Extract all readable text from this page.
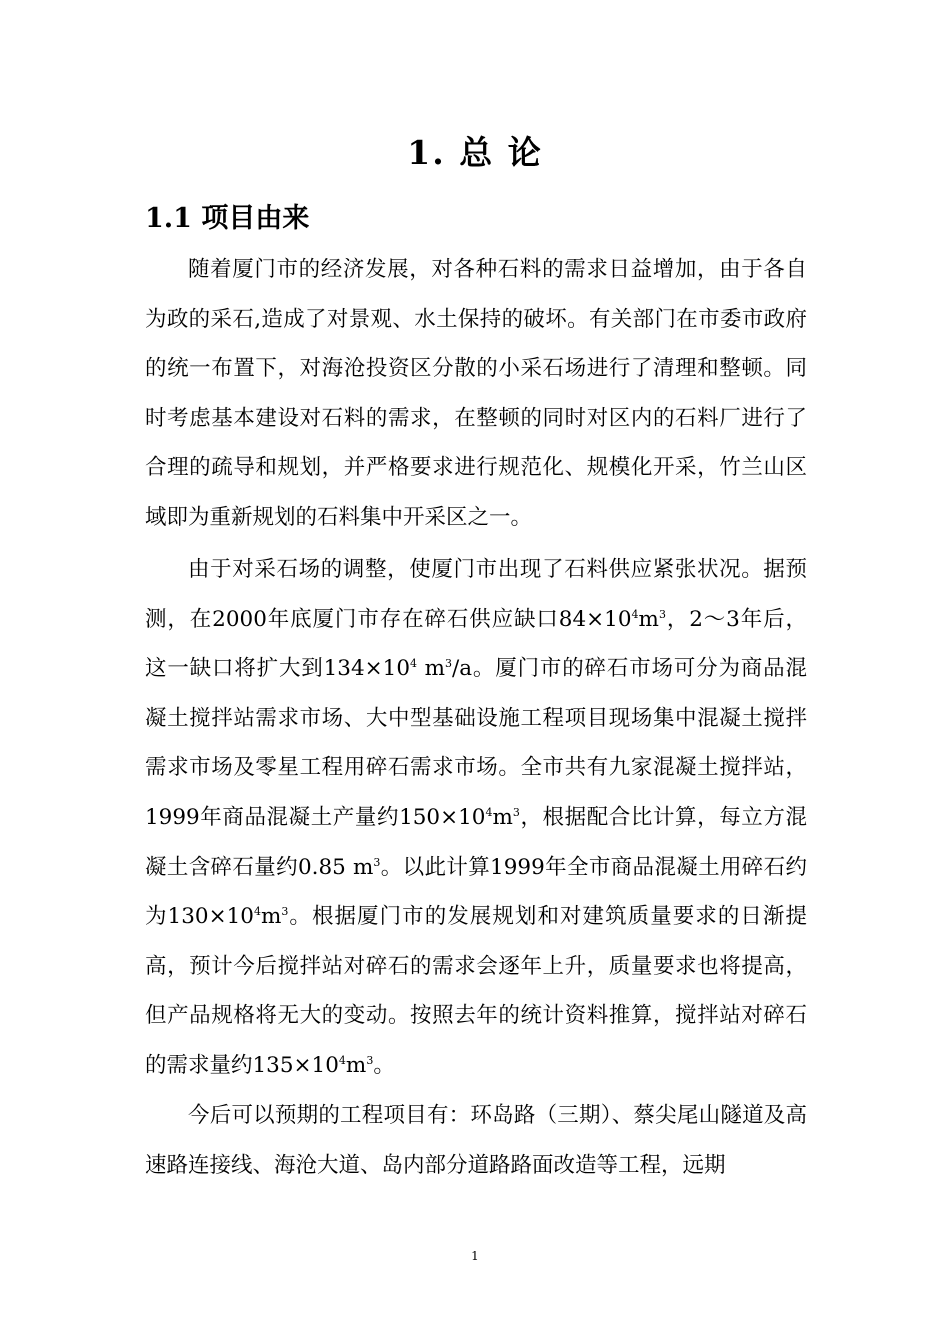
1. 总 论
1.1 项目由来

随着厦门市的经济发展，对各种石料的需求日益增加，由于各自为政的采石,造成了对景观、水土保持的破坏。有关部门在市委市政府的统一布置下，对海沧投资区分散的小采石场进行了清理和整顿。同时考虑基本建设对石料的需求，在整顿的同时对区内的石料厂进行了合理的疏导和规划，并严格要求进行规范化、规模化开采，竹兰山区域即为重新规划的石料集中开采区之一。

由于对采石场的调整，使厦门市出现了石料供应紧张状况。据预测，在2000年底厦门市存在碎石供应缺口$84\times 10^4m^3$，2～3年后，这一缺口将扩大到$134\times 10^4$ $m^3/a$。厦门市的碎石市场可分为商品混凝土搅拌站需求市场、大中型基础设施工程项目现场集中混凝土搅拌需求市场及零星工程用碎石需求市场。全市共有九家混凝土搅拌站，1999年商品混凝土产量约$150\times 10^4m^3$，根据配合比计算，每立方混凝土含碎石量约0.85 $m^3$。以此计算1999年全市商品混凝土用碎石约为$130\times 10^4m^3$。根据厦门市的发展规划和对建筑质量要求的日渐提高，预计今后搅拌站对碎石的需求会逐年上升，质量要求也将提高，但产品规格将无大的变动。按照去年的统计资料推算，搅拌站对碎石的需求量约$135\times 10^4m^3$。

今后可以预期的工程项目有：环岛路（三期）、蔡尖尾山隧道及高速路连接线、海沧大道、岛内部分道路路面改造等工程，远期

1
